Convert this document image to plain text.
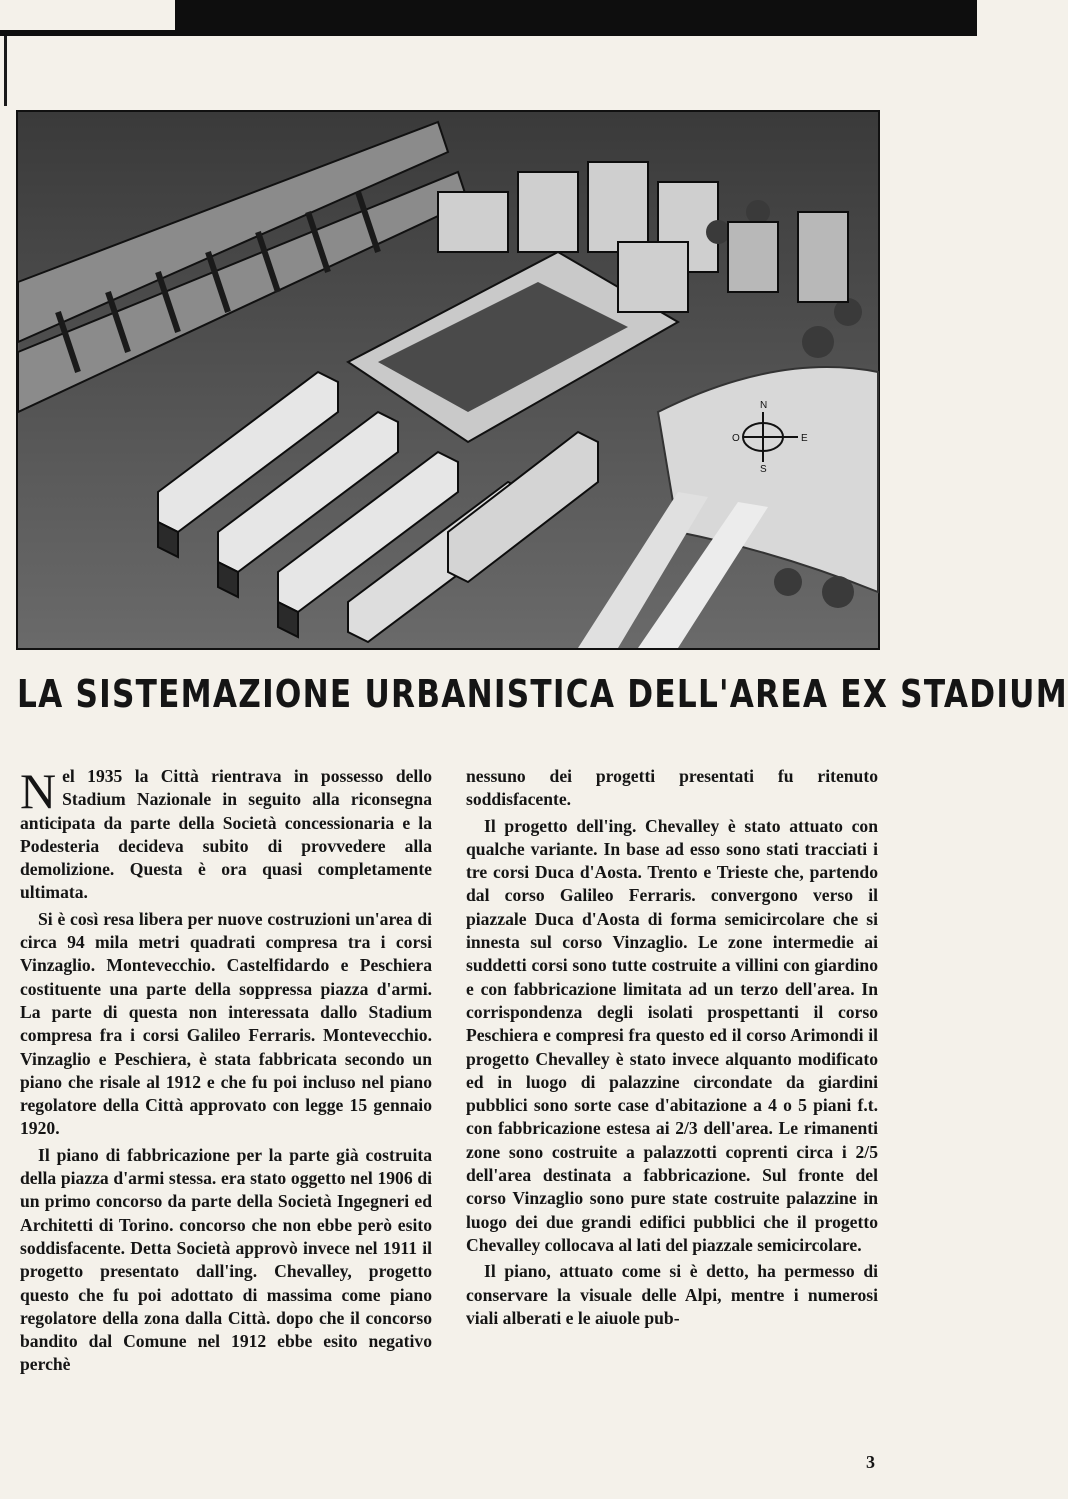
N
E
S
O
LA SISTEMAZIONE URBANISTICA DELL'AREA EX STADIUM

Nel 1935 la Città rientrava in possesso dello Stadium Nazionale in seguito alla riconsegna anticipata da parte della Società concessionaria e la Podesteria decideva subito di provvedere alla demolizione. Questa è ora quasi completamente ultimata.

Si è così resa libera per nuove costruzioni un'area di circa 94 mila metri quadrati compresa tra i corsi Vinzaglio. Montevecchio. Castelfidardo e Peschiera costituente una parte della soppressa piazza d'armi. La parte di questa non interessata dallo Stadium compresa fra i corsi Galileo Ferraris. Montevecchio. Vinzaglio e Peschiera, è stata fabbricata secondo un piano che risale al 1912 e che fu poi incluso nel piano regolatore della Città approvato con legge 15 gennaio 1920.

Il piano di fabbricazione per la parte già costruita della piazza d'armi stessa. era stato oggetto nel 1906 di un primo concorso da parte della Società Ingegneri ed Architetti di Torino. concorso che non ebbe però esito soddisfacente. Detta Società approvò invece nel 1911 il progetto presentato dall'ing. Chevalley, progetto questo che fu poi adottato di massima come piano regolatore della zona dalla Città. dopo che il concorso bandito dal Comune nel 1912 ebbe esito negativo perchè

nessuno dei progetti presentati fu ritenuto soddisfacente.

Il progetto dell'ing. Chevalley è stato attuato con qualche variante. In base ad esso sono stati tracciati i tre corsi Duca d'Aosta. Trento e Trieste che, partendo dal corso Galileo Ferraris. convergono verso il piazzale Duca d'Aosta di forma semicircolare che si innesta sul corso Vinzaglio. Le zone intermedie ai suddetti corsi sono tutte costruite a villini con giardino e con fabbricazione limitata ad un terzo dell'area. In corrispondenza degli isolati prospettanti il corso Peschiera e compresi fra questo ed il corso Arimondi il progetto Chevalley è stato invece alquanto modificato ed in luogo di palazzine circondate da giardini pubblici sono sorte case d'abitazione a 4 o 5 piani f.t. con fabbricazione estesa ai 2/3 dell'area. Le rimanenti zone sono costruite a palazzotti coprenti circa i 2/5 dell'area destinata a fabbricazione. Sul fronte del corso Vinzaglio sono pure state costruite palazzine in luogo dei due grandi edifici pubblici che il progetto Chevalley collocava al lati del piazzale semicircolare.

Il piano, attuato come si è detto, ha permesso di conservare la visuale delle Alpi, mentre i numerosi viali alberati e le aiuole pub-

3
